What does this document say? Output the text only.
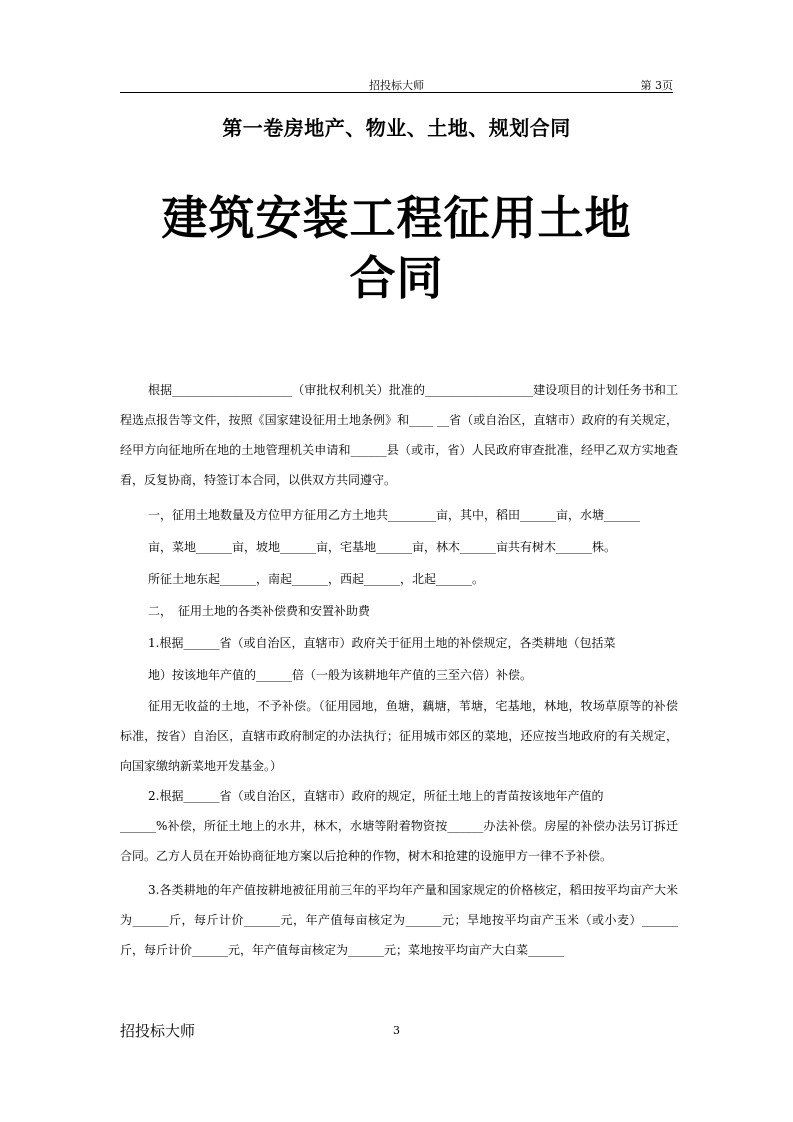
招投标大师	第 3页
第一卷房地产、物业、土地、规划合同
建筑安装工程征用土地
合同

根据____________________（审批权利机关）批准的__________________建设项目的计划任务书和工程选点报告等文件，按照《国家建设征用土地条例》和____ __省（或自治区，直辖市）政府的有关规定，经甲方向征地所在地的土地管理机关申请和______县（或市，省）人民政府审查批准，经甲乙双方实地查看，反复协商，特签订本合同，以供双方共同遵守。

一，征用土地数量及方位甲方征用乙方土地共________亩，其中，稻田______亩，水塘______

亩，菜地______亩，坡地______亩，宅基地______亩，林木______亩共有树木______株。

所征土地东起______，南起______，西起______，北起______。

二，　征用土地的各类补偿费和安置补助费

1.根据______省（或自治区，直辖市）政府关于征用土地的补偿规定，各类耕地（包括菜

地）按该地年产值的______倍（一般为该耕地年产值的三至六倍）补偿。

征用无收益的土地，不予补偿。（征用园地，鱼塘，藕塘，苇塘，宅基地，林地，牧场草原等的补偿标准，按省）自治区，直辖市政府制定的办法执行；征用城市郊区的菜地，还应按当地政府的有关规定，向国家缴纳新菜地开发基金。）

2.根据______省（或自治区，直辖市）政府的规定，所征土地上的青苗按该地年产值的

______%补偿，所征土地上的水井，林木，水塘等附着物资按______办法补偿。房屋的补偿办法另订拆迁合同。乙方人员在开始协商征地方案以后抢种的作物，树木和抢建的设施甲方一律不予补偿。

3.各类耕地的年产值按耕地被征用前三年的平均年产量和国家规定的价格核定，稻田按平均亩产大米为______斤，每斤计价______元，年产值每亩核定为______元；旱地按平均亩产玉米（或小麦）______斤，每斤计价______元，年产值每亩核定为______元；菜地按平均亩产大白菜______

招投标大师	3
